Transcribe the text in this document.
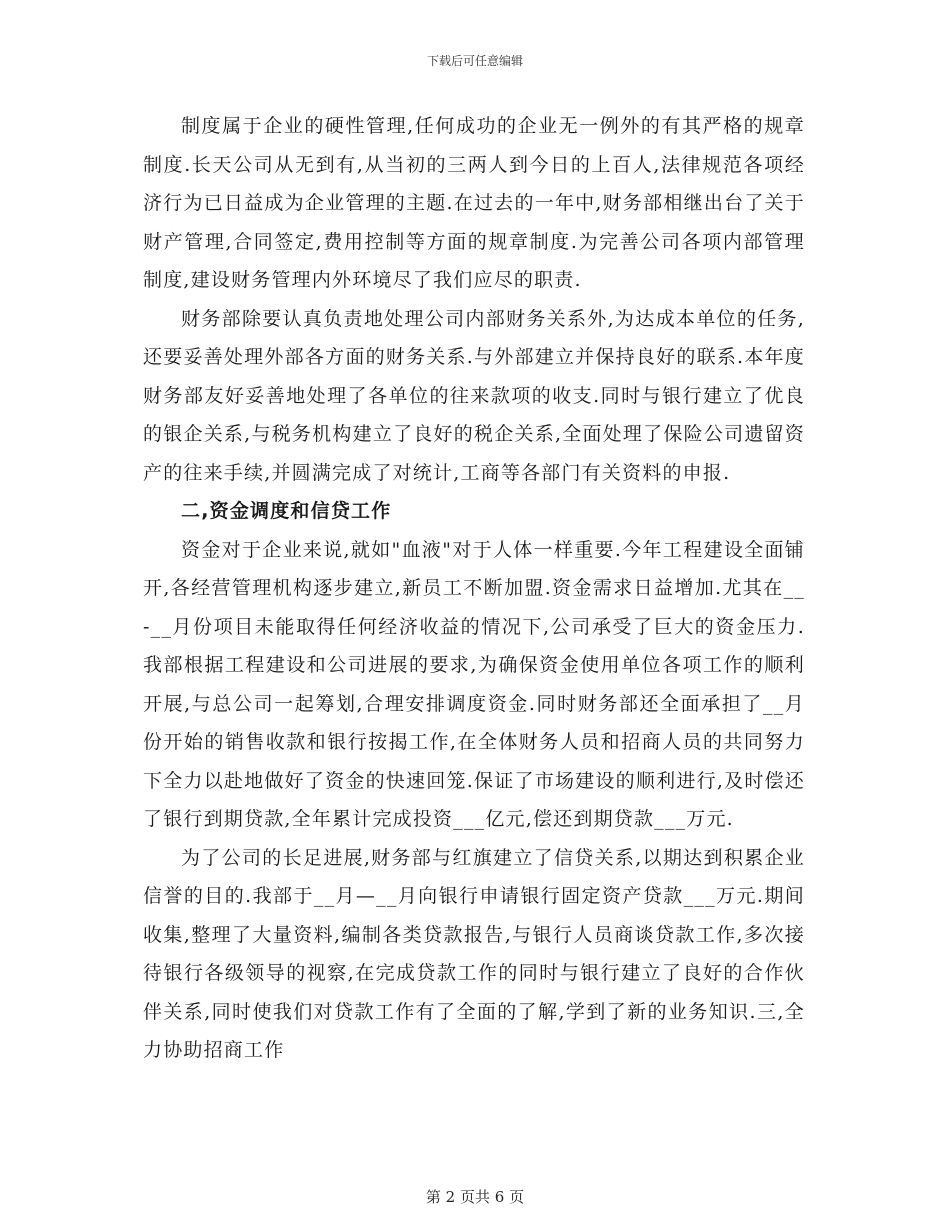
下载后可任意编辑

制度属于企业的硬性管理,任何成功的企业无一例外的有其严格的规章制度.长天公司从无到有,从当初的三两人到今日的上百人,法律规范各项经济行为已日益成为企业管理的主题.在过去的一年中,财务部相继出台了关于财产管理,合同签定,费用控制等方面的规章制度.为完善公司各项内部管理制度,建设财务管理内外环境尽了我们应尽的职责.

财务部除要认真负责地处理公司内部财务关系外,为达成本单位的任务,还要妥善处理外部各方面的财务关系.与外部建立并保持良好的联系.本年度财务部友好妥善地处理了各单位的往来款项的收支.同时与银行建立了优良的银企关系,与税务机构建立了良好的税企关系,全面处理了保险公司遗留资产的往来手续,并圆满完成了对统计,工商等各部门有关资料的申报.

二,资金调度和信贷工作

资金对于企业来说,就如"血液"对于人体一样重要.今年工程建设全面铺开,各经营管理机构逐步建立,新员工不断加盟.资金需求日益增加.尤其在__-__月份项目未能取得任何经济收益的情况下,公司承受了巨大的资金压力.我部根据工程建设和公司进展的要求,为确保资金使用单位各项工作的顺利开展,与总公司一起筹划,合理安排调度资金.同时财务部还全面承担了__月份开始的销售收款和银行按揭工作,在全体财务人员和招商人员的共同努力下全力以赴地做好了资金的快速回笼.保证了市场建设的顺利进行,及时偿还了银行到期贷款,全年累计完成投资___亿元,偿还到期贷款___万元.

为了公司的长足进展,财务部与红旗建立了信贷关系,以期达到积累企业信誉的目的.我部于__月—__月向银行申请银行固定资产贷款___万元.期间收集,整理了大量资料,编制各类贷款报告,与银行人员商谈贷款工作,多次接待银行各级领导的视察,在完成贷款工作的同时与银行建立了良好的合作伙伴关系,同时使我们对贷款工作有了全面的了解,学到了新的业务知识.三,全力协助招商工作

第 2 页共 6 页
